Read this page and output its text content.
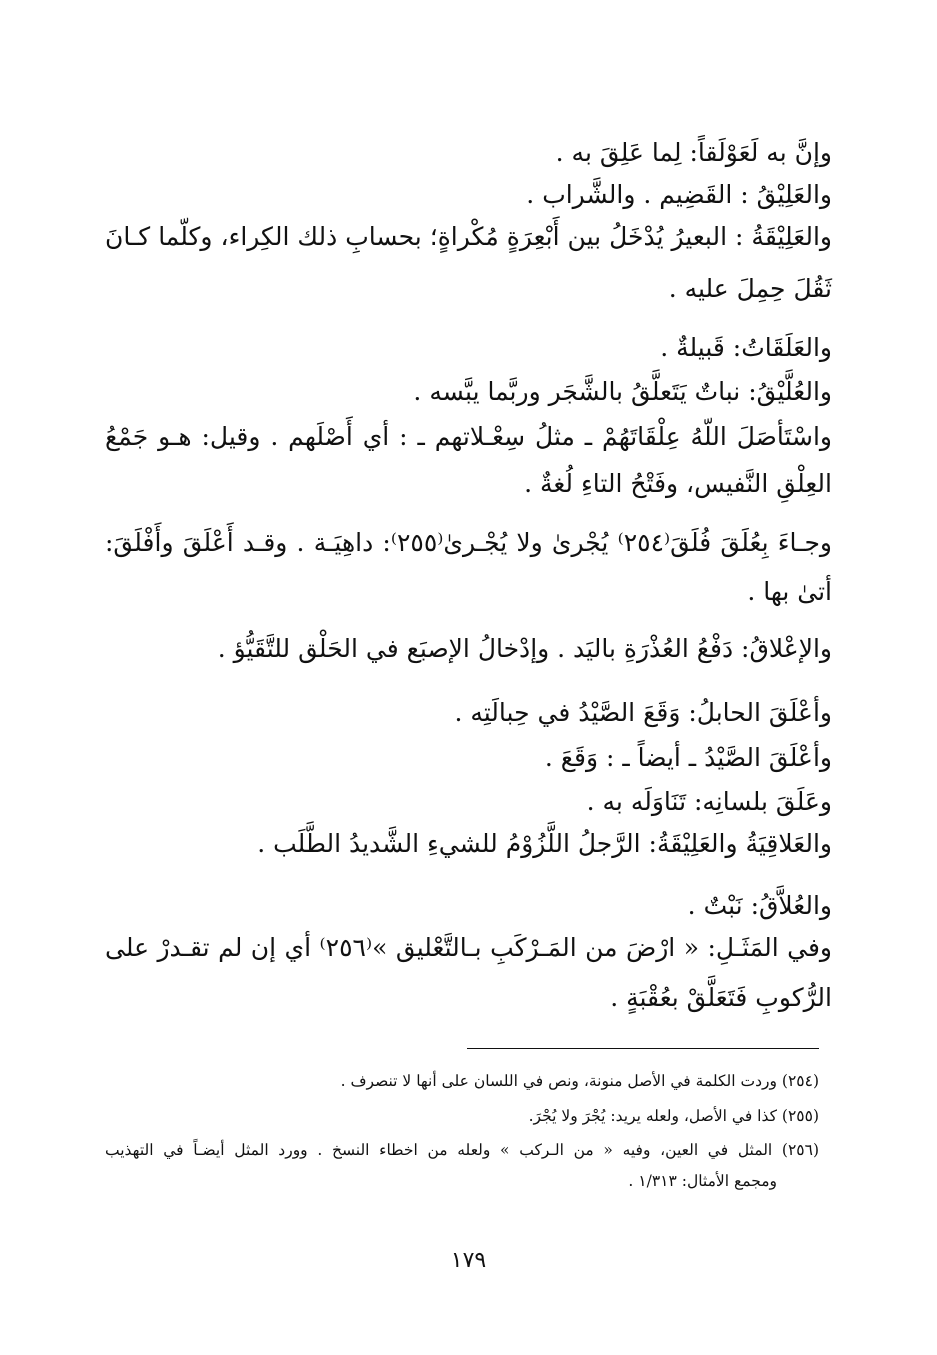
وإنَّ به لَعَوْلَقاً: لِما عَلِقَ به .
والعَلِيْقُ : القَضِيم . والشَّراب .
والعَلِيْقَةُ : البعيرُ يُدْخَلُ بين أَبْعِرَةٍ مُكْراةٍ؛ بحسابِ ذلك الكِراء، وكلّما كـانَ
ثَقُلَ حِمِلَ عليه .
والعَلَقَاتُ: قَبيلةٌ .
والعُلَّيْقُ: نباتٌ يَتَعلَّقُ بالشَّجَر وربَّما يبَّسه .
واسْتَأصَلَ اللّهُ عِلْقَاتَهُمْ ـ مثلُ سِعْـلاتهم ـ : أي أَصْلَهم . وقيل: هـو جَمْعُ
العِلْقِ النَّفيس، وفَتْحُ التاءِ لُغةٌ .
وجـاءَ بِعُلَقَ فُلَقَ⁽٢٥٤⁾ يُجْرىٰ ولا يُجْـرىٰ⁽٢٥٥⁾: داهِيَـة . وقـد أَعْلَقَ وأَفْلَقَ:
أتىٰ بها .
والإعْلاقُ: دَفْعُ العُذْرَةِ باليَد . وإدْخالُ الإصبَع في الحَلْق للتَّقَيُّؤ .
وأعْلَقَ الحابلُ: وَقَعَ الصَّيْدُ في حِبالَتِه .
وأعْلَقَ الصَّيْدُ ـ أيضاً ـ : وَقَعَ .
وعَلَقَ بلسانِه: تَنَاوَلَه به .
والعَلاقِيَةُ والعَلِيْقَةُ: الرَّجلُ اللَّزُوْمُ للشيءِ الشَّديدُ الطَّلَب .
والعُلاَّقُ: نَبْتٌ .
وفي المَثَـلِ: « ارْضَ من المَـرْكَبِ بـالتَّعْليق »⁽٢٥٦⁾ أي إن لم تقـدرْ على
الرُّكوبِ فَتَعَلَّقْ بعُقْبَةٍ .
(٢٥٤) وردت الكلمة في الأصل منونة، ونص في اللسان على أنها لا تنصرف .
(٢٥٥) كذا في الأصل، ولعله يريد: يُجْرَ ولا يُجْرَ.
(٢٥٦) المثل في العين، وفيه « من الـركب » ولعله من اخطاء النسخ . وورد المثل أيضـاً في التهذيب
ومجمع الأمثال: ١/٣١٣ .
١٧٩
